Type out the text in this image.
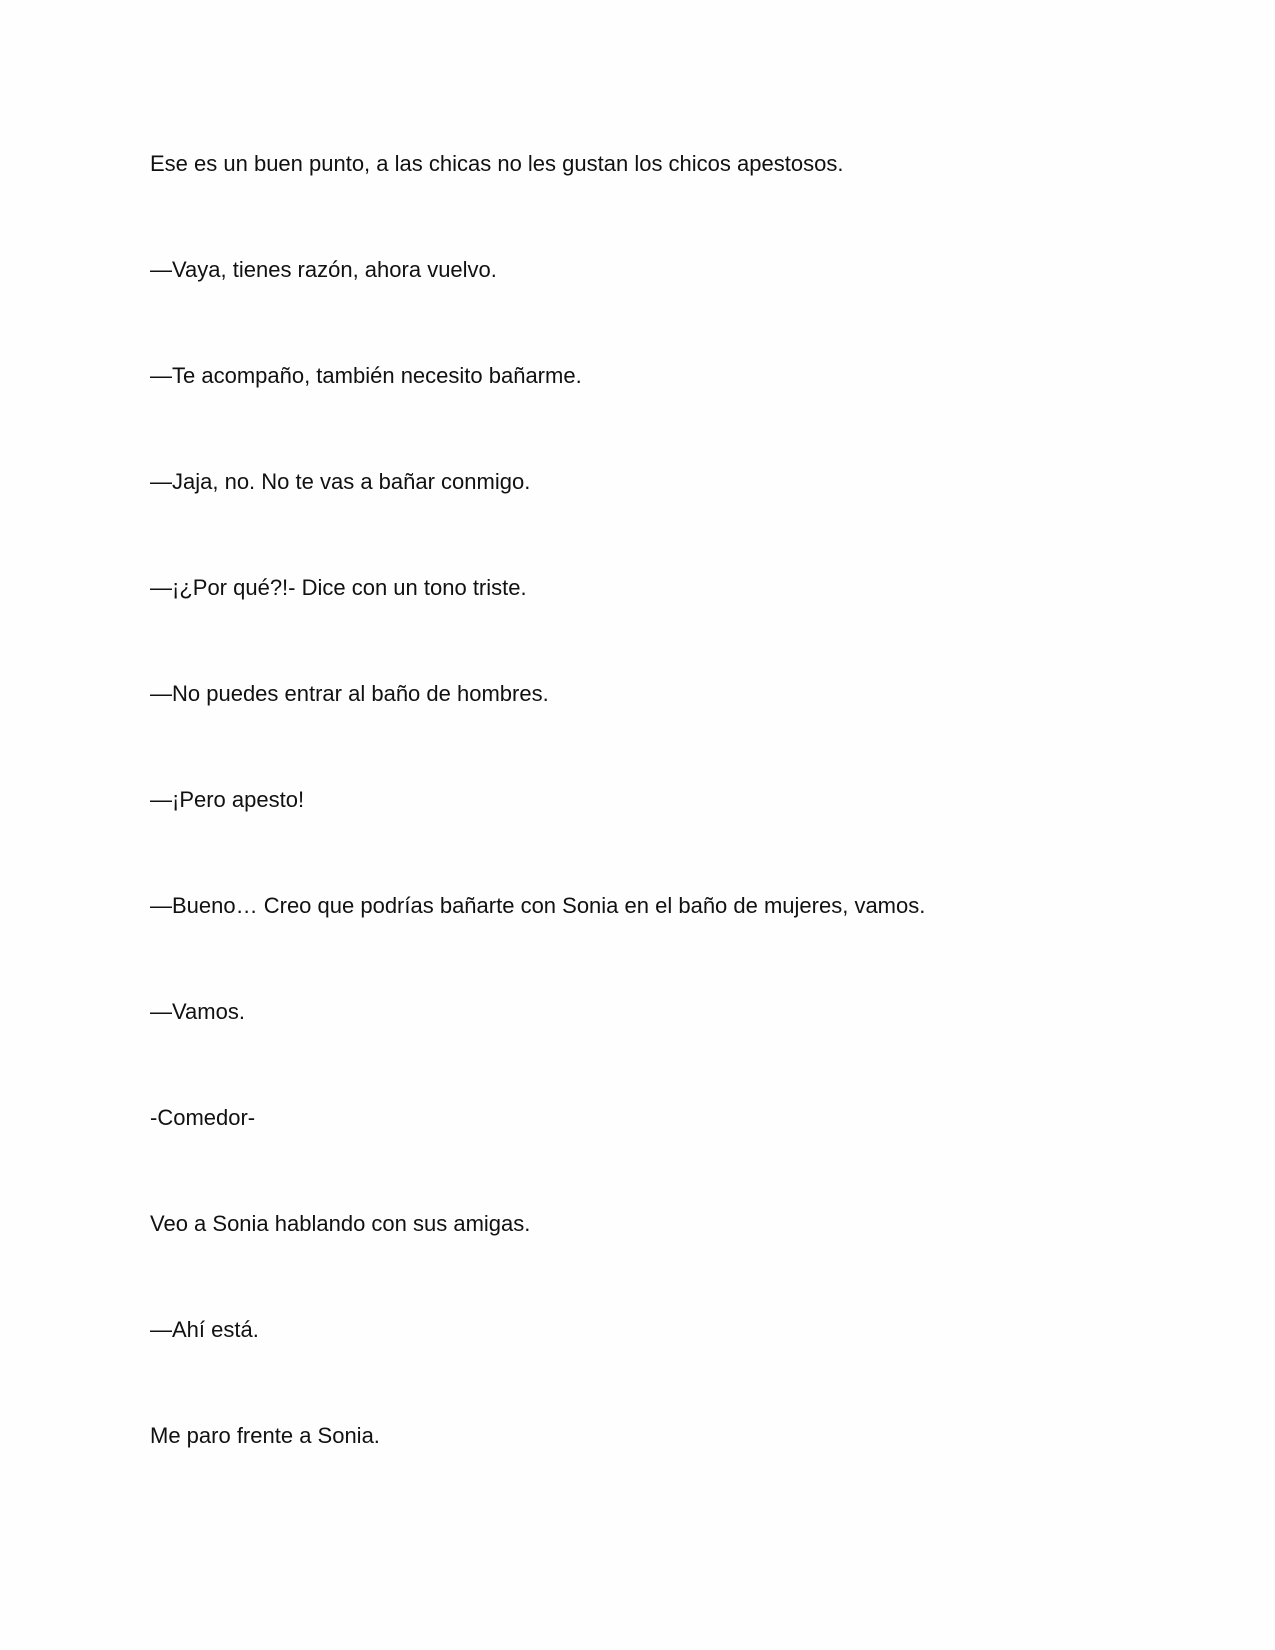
Ese es un buen punto, a las chicas no les gustan los chicos apestosos.

—Vaya, tienes razón, ahora vuelvo.

—Te acompaño, también necesito bañarme.

—Jaja, no. No te vas a bañar conmigo.

—¡¿Por qué?!- Dice con un tono triste.

—No puedes entrar al baño de hombres.

—¡Pero apesto!

—Bueno… Creo que podrías bañarte con Sonia en el baño de mujeres, vamos.

—Vamos.

-Comedor-

Veo a Sonia hablando con sus amigas.

—Ahí está.

Me paro frente a Sonia.
